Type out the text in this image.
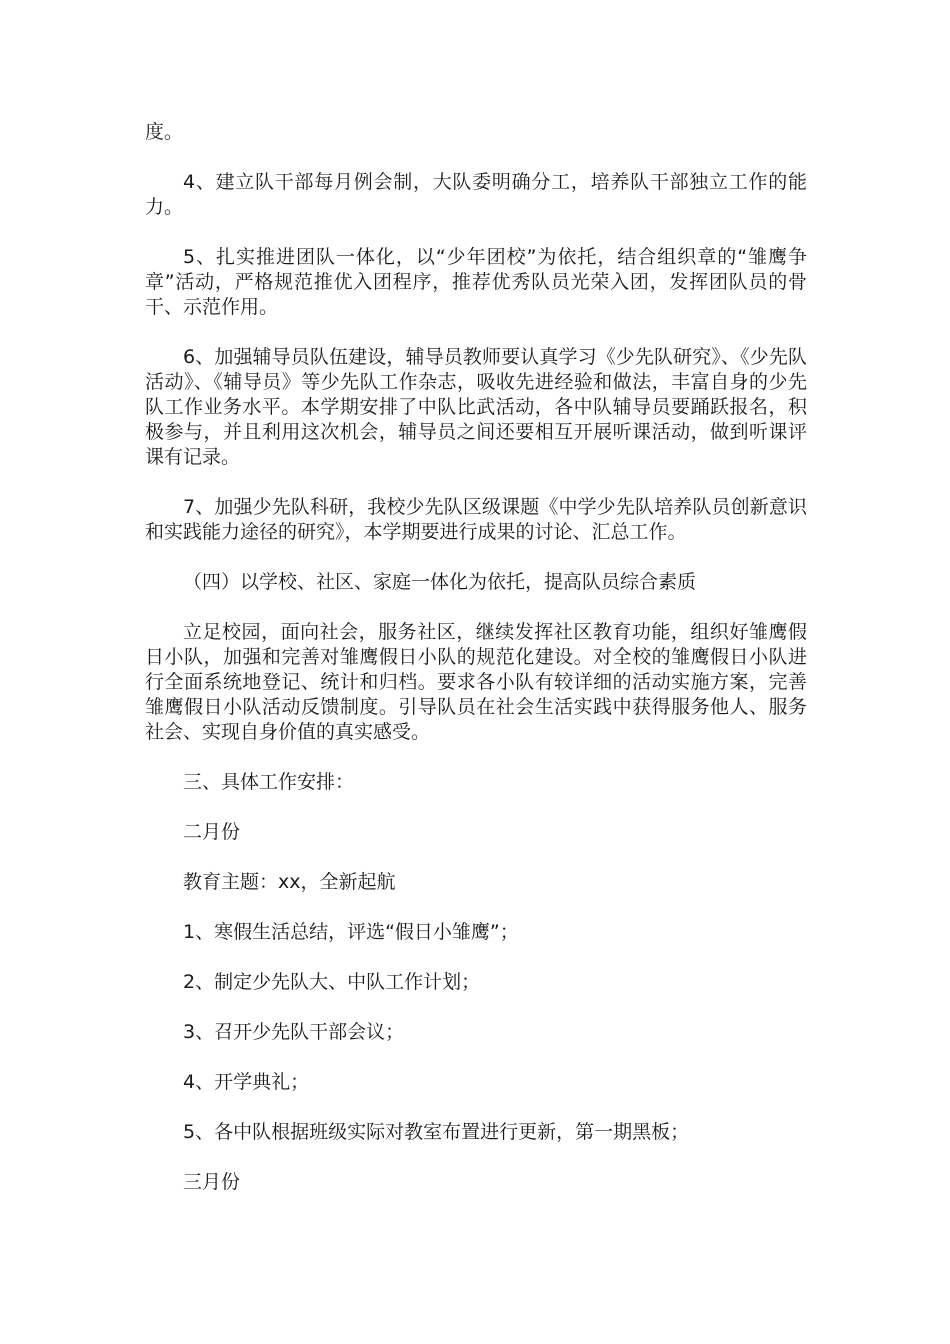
度。

4、建立队干部每月例会制，大队委明确分工，培养队干部独立工作的能力。

5、扎实推进团队一体化，以“少年团校”为依托，结合组织章的“雏鹰争章”活动，严格规范推优入团程序，推荐优秀队员光荣入团，发挥团队员的骨干、示范作用。

6、加强辅导员队伍建设，辅导员教师要认真学习《少先队研究》、《少先队活动》、《辅导员》等少先队工作杂志，吸收先进经验和做法，丰富自身的少先队工作业务水平。本学期安排了中队比武活动，各中队辅导员要踊跃报名，积极参与，并且利用这次机会，辅导员之间还要相互开展听课活动，做到听课评课有记录。

7、加强少先队科研，我校少先队区级课题《中学少先队培养队员创新意识和实践能力途径的研究》，本学期要进行成果的讨论、汇总工作。

（四）以学校、社区、家庭一体化为依托，提高队员综合素质

立足校园，面向社会，服务社区，继续发挥社区教育功能，组织好雏鹰假日小队，加强和完善对雏鹰假日小队的规范化建设。对全校的雏鹰假日小队进行全面系统地登记、统计和归档。要求各小队有较详细的活动实施方案，完善雏鹰假日小队活动反馈制度。引导队员在社会生活实践中获得服务他人、服务社会、实现自身价值的真实感受。

三、具体工作安排：

二月份

教育主题：xx，全新起航

1、寒假生活总结，评选“假日小雏鹰”；

2、制定少先队大、中队工作计划；

3、召开少先队干部会议；

4、开学典礼；

5、各中队根据班级实际对教室布置进行更新，第一期黑板；

三月份
